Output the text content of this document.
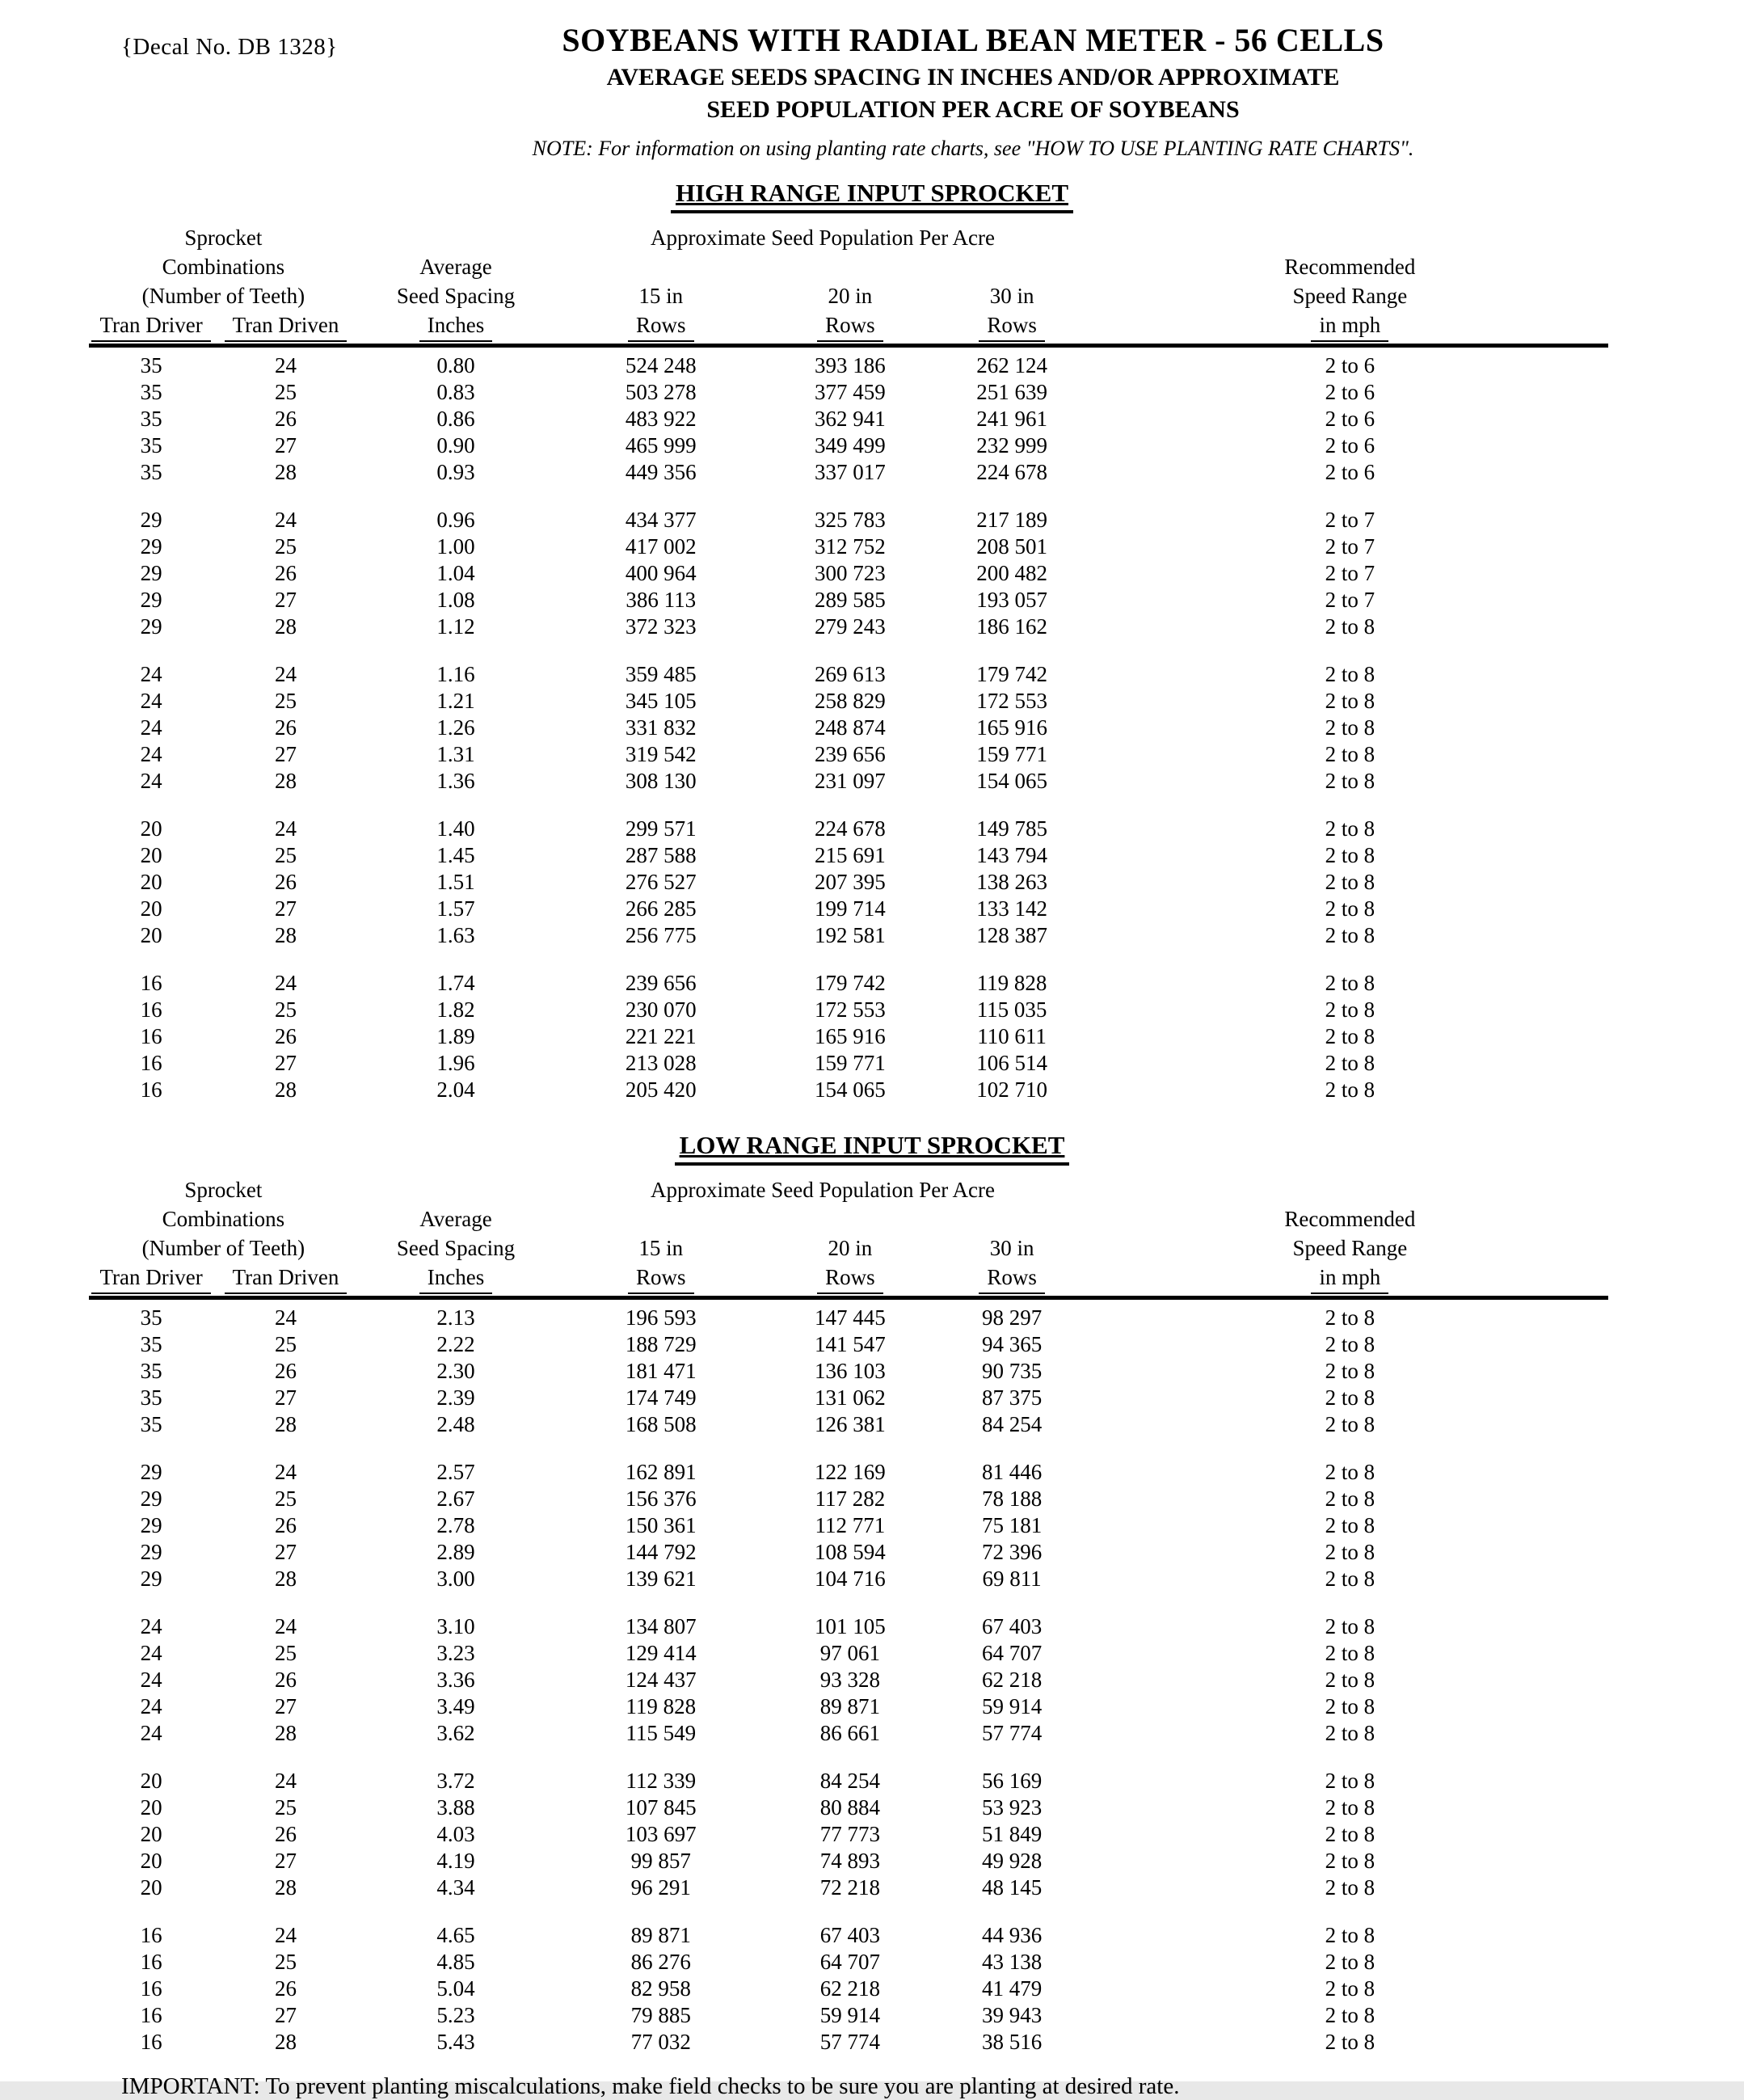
{Decal No. DB 1328}	SOYBEANS WITH RADIAL BEAN METER - 56 CELLS
AVERAGE SEEDS SPACING IN INCHES AND/OR APPROXIMATE
SEED POPULATION PER ACRE OF SOYBEANS
NOTE: For information on using planting rate charts, see "HOW TO USE PLANTING RATE CHARTS".
HIGH RANGE INPUT SPROCKET
Sprocket	Approximate Seed Population Per Acre
Combinations	Average	Recommended
(Number of Teeth)	Seed Spacing	15 in	20 in	30 in	Speed Range
Tran Driver	Tran Driven	Inches	Rows	Rows	Rows	in mph
35	24	0.80	524 248	393 186	262 124	2 to 6
35	25	0.83	503 278	377 459	251 639	2 to 6
35	26	0.86	483 922	362 941	241 961	2 to 6
35	27	0.90	465 999	349 499	232 999	2 to 6
35	28	0.93	449 356	337 017	224 678	2 to 6
29	24	0.96	434 377	325 783	217 189	2 to 7
29	25	1.00	417 002	312 752	208 501	2 to 7
29	26	1.04	400 964	300 723	200 482	2 to 7
29	27	1.08	386 113	289 585	193 057	2 to 7
29	28	1.12	372 323	279 243	186 162	2 to 8
24	24	1.16	359 485	269 613	179 742	2 to 8
24	25	1.21	345 105	258 829	172 553	2 to 8
24	26	1.26	331 832	248 874	165 916	2 to 8
24	27	1.31	319 542	239 656	159 771	2 to 8
24	28	1.36	308 130	231 097	154 065	2 to 8
20	24	1.40	299 571	224 678	149 785	2 to 8
20	25	1.45	287 588	215 691	143 794	2 to 8
20	26	1.51	276 527	207 395	138 263	2 to 8
20	27	1.57	266 285	199 714	133 142	2 to 8
20	28	1.63	256 775	192 581	128 387	2 to 8
16	24	1.74	239 656	179 742	119 828	2 to 8
16	25	1.82	230 070	172 553	115 035	2 to 8
16	26	1.89	221 221	165 916	110 611	2 to 8
16	27	1.96	213 028	159 771	106 514	2 to 8
16	28	2.04	205 420	154 065	102 710	2 to 8
LOW RANGE INPUT SPROCKET
Sprocket	Approximate Seed Population Per Acre
Combinations	Average	Recommended
(Number of Teeth)	Seed Spacing	15 in	20 in	30 in	Speed Range
Tran Driver	Tran Driven	Inches	Rows	Rows	Rows	in mph
35	24	2.13	196 593	147 445	98 297	2 to 8
35	25	2.22	188 729	141 547	94 365	2 to 8
35	26	2.30	181 471	136 103	90 735	2 to 8
35	27	2.39	174 749	131 062	87 375	2 to 8
35	28	2.48	168 508	126 381	84 254	2 to 8
29	24	2.57	162 891	122 169	81 446	2 to 8
29	25	2.67	156 376	117 282	78 188	2 to 8
29	26	2.78	150 361	112 771	75 181	2 to 8
29	27	2.89	144 792	108 594	72 396	2 to 8
29	28	3.00	139 621	104 716	69 811	2 to 8
24	24	3.10	134 807	101 105	67 403	2 to 8
24	25	3.23	129 414	97 061	64 707	2 to 8
24	26	3.36	124 437	93 328	62 218	2 to 8
24	27	3.49	119 828	89 871	59 914	2 to 8
24	28	3.62	115 549	86 661	57 774	2 to 8
20	24	3.72	112 339	84 254	56 169	2 to 8
20	25	3.88	107 845	80 884	53 923	2 to 8
20	26	4.03	103 697	77 773	51 849	2 to 8
20	27	4.19	99 857	74 893	49 928	2 to 8
20	28	4.34	96 291	72 218	48 145	2 to 8
16	24	4.65	89 871	67 403	44 936	2 to 8
16	25	4.85	86 276	64 707	43 138	2 to 8
16	26	5.04	82 958	62 218	41 479	2 to 8
16	27	5.23	79 885	59 914	39 943	2 to 8
16	28	5.43	77 032	57 774	38 516	2 to 8
IMPORTANT: To prevent planting miscalculations, make field checks to be sure you are planting at desired rate.
